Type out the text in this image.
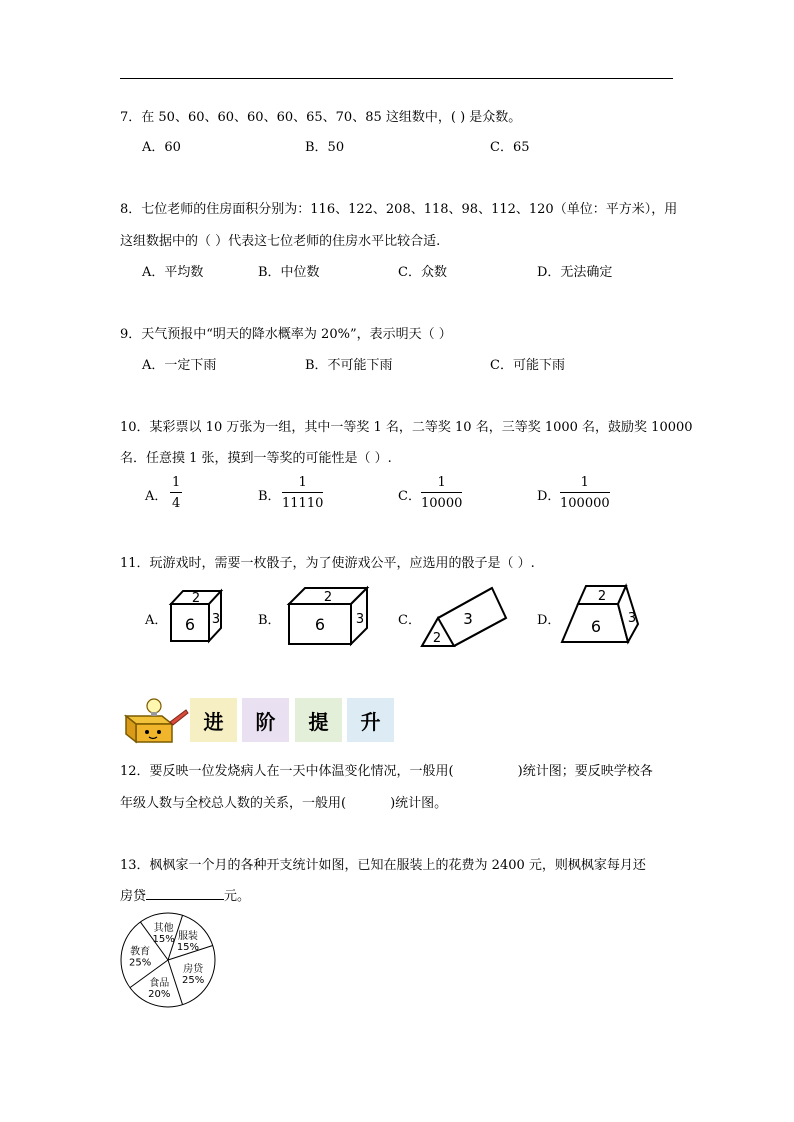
7．在 50、60、60、60、60、65、70、85 这组数中，( ) 是众数。
A．60	B．50	C．65
8．七位老师的住房面积分别为：116、122、208、118、98、112、120（单位：平方米），用
这组数据中的（ ）代表这七位老师的住房水平比较合适.
A．平均数	B．中位数	C．众数	D．无法确定
9．天气预报中“明天的降水概率为 20%”，表示明天（ ）
A．一定下雨	B．不可能下雨	C．可能下雨
10．某彩票以 10 万张为一组，其中一等奖 1 名，二等奖 10 名，三等奖 1000 名，鼓励奖 10000
名．任意摸 1 张，摸到一等奖的可能性是（ ）.
A． $\frac{1}{4}$	B． $\frac{1}{11110}$	C． $\frac{1}{10000}$	D． $\frac{1}{100000}$
11．玩游戏时，需要一枚骰子，为了使游戏公平，应选用的骰子是（ ）.
A．
2
6 3	B．
2
6 3	C．
2
3	D．
2
6 3
进 阶 提 升
12．要反映一位发烧病人在一天中体温变化情况，一般用(	)统计图；要反映学校各
年级人数与全校总人数的关系，一般用(	)统计图。
13．枫枫家一个月的各种开支统计如图，已知在服装上的花费为 2400 元，则枫枫家每月还
房贷	元。
其他
15% 服装
15%
房贷
25%
食品
20%
教育
25%
